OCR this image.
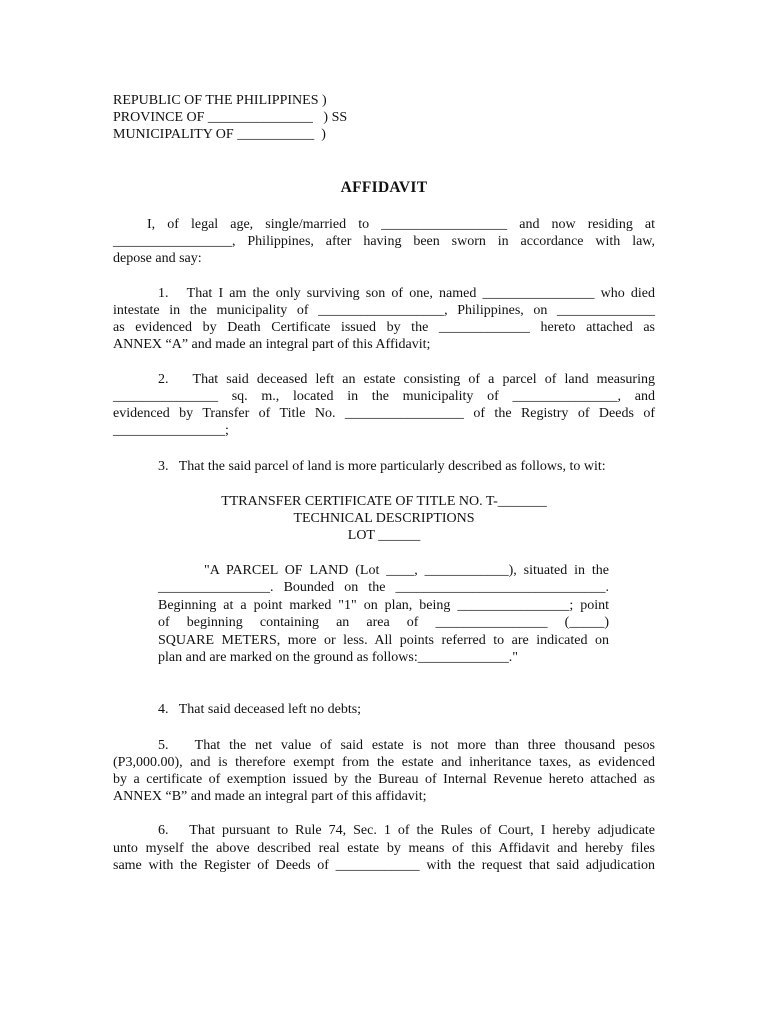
REPUBLIC OF THE PHILIPPINES )
PROVINCE OF _______________   ) SS
MUNICIPALITY OF ___________  )
AFFIDAVIT
I, of legal age, single/married to __________________ and now residing at
_________________, Philippines, after having been sworn in accordance with law,
depose and say:
1.   That I am the only surviving son of one, named ________________ who died
intestate in the municipality of __________________, Philippines, on ______________
as evidenced by Death Certificate issued by the _____________ hereto attached as
ANNEX “A” and made an integral part of this Affidavit;
2.   That said deceased left an estate consisting of a parcel of land measuring
_______________ sq. m., located in the municipality of _______________, and
evidenced by Transfer of Title No. _________________ of the Registry of Deeds of
________________;
3.   That the said parcel of land is more particularly described as follows, to wit:
TTRANSFER CERTIFICATE OF TITLE NO. T-_______
TECHNICAL DESCRIPTIONS
LOT ______
"A PARCEL OF LAND (Lot ____, ____________), situated in the
________________. Bounded on the ______________________________.
Beginning at a point marked "1" on plan, being ________________; point
of   beginning   containing   an   area   of   ________________   (_____)
SQUARE METERS, more or less. All points referred to are indicated on
plan and are marked on the ground as follows:_____________."
4.   That said deceased left no debts;
5.   That the net value of said estate is not more than three thousand pesos
(P3,000.00), and is therefore exempt from the estate and inheritance taxes, as evidenced
by a certificate of exemption issued by the Bureau of Internal Revenue hereto attached as
ANNEX “B” and made an integral part of this affidavit;
6.   That pursuant to Rule 74, Sec. 1 of the Rules of Court, I hereby adjudicate
unto myself the above described real estate by means of this Affidavit and hereby files
same with the Register of Deeds of ____________ with the request that said adjudication
